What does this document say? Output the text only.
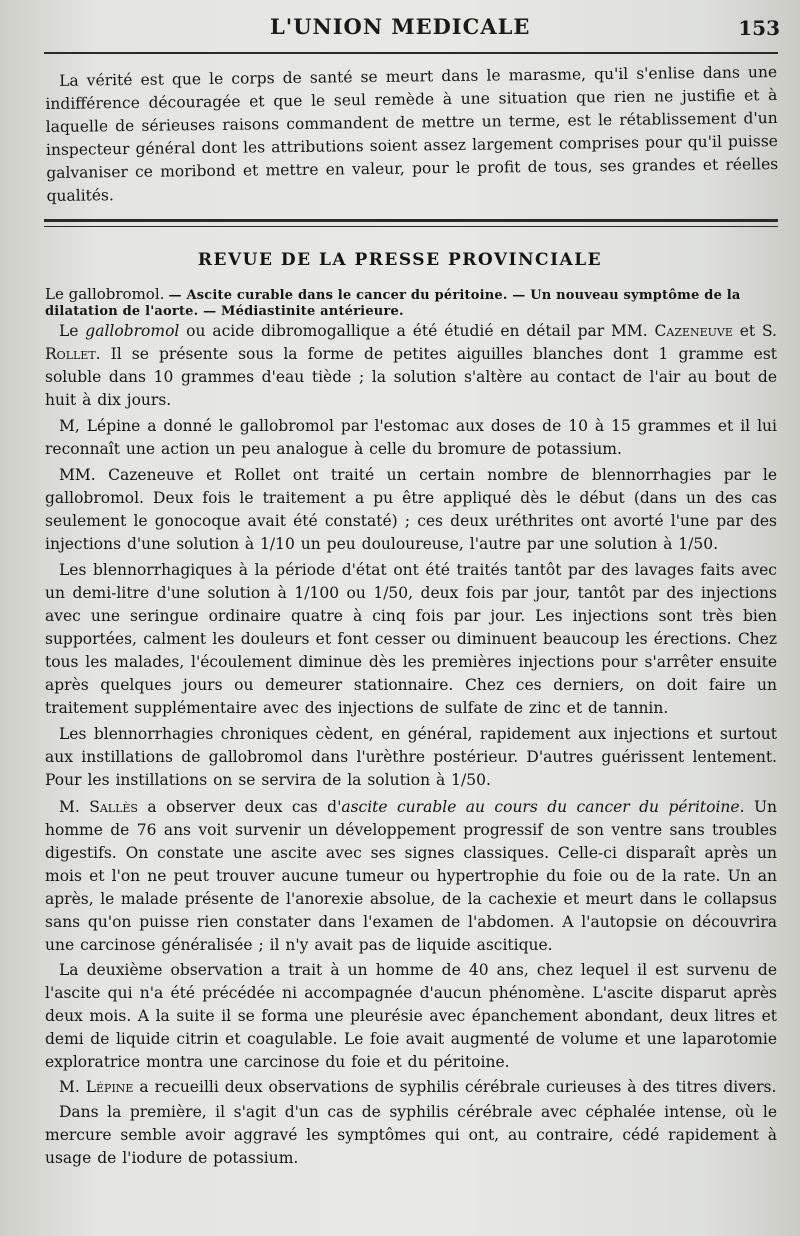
L'UNION MEDICALE	153

La vérité est que le corps de santé se meurt dans le marasme, qu'il s'enlise dans une indifférence découragée et que le seul remède à une situation que rien ne justifie et à laquelle de sérieuses raisons commandent de mettre un terme, est le rétablissement d'un inspecteur général dont les attributions soient assez largement comprises pour qu'il puisse galvaniser ce moribond et mettre en valeur, pour le profit de tous, ses grandes et réelles qualités.

REVUE DE LA PRESSE PROVINCIALE
Le gallobromol. — Ascite curable dans le cancer du péritoine. — Un nouveau symptôme de la dilatation de l'aorte. — Médiastinite antérieure.

Le gallobromol ou acide dibromogallique a été étudié en détail par MM. Cazeneuve et S. Rollet. Il se présente sous la forme de petites aiguilles blanches dont 1 gramme est soluble dans 10 grammes d'eau tiède ; la solution s'altère au contact de l'air au bout de huit à dix jours.

M, Lépine a donné le gallobromol par l'estomac aux doses de 10 à 15 grammes et il lui reconnaît une action un peu analogue à celle du bromure de potassium.

MM. Cazeneuve et Rollet ont traité un certain nombre de blennorrhagies par le gallobromol. Deux fois le traitement a pu être appliqué dès le début (dans un des cas seulement le gonocoque avait été constaté) ; ces deux uréthrites ont avorté l'une par des injections d'une solution à 1/10 un peu douloureuse, l'autre par une solution à 1/50.

Les blennorrhagiques à la période d'état ont été traités tantôt par des lavages faits avec un demi-litre d'une solution à 1/100 ou 1/50, deux fois par jour, tantôt par des injections avec une seringue ordinaire quatre à cinq fois par jour. Les injections sont très bien supportées, calment les douleurs et font cesser ou diminuent beaucoup les érections. Chez tous les malades, l'écoulement diminue dès les premières injections pour s'arrêter ensuite après quelques jours ou demeurer stationnaire. Chez ces derniers, on doit faire un traitement supplémentaire avec des injections de sulfate de zinc et de tannin.

Les blennorrhagies chroniques cèdent, en général, rapidement aux injections et surtout aux instillations de gallobromol dans l'urèthre postérieur. D'autres guérissent lentement. Pour les instillations on se servira de la solution à 1/50.

M. Sallès a observer deux cas d'ascite curable au cours du cancer du péritoine. Un homme de 76 ans voit survenir un développement progressif de son ventre sans troubles digestifs. On constate une ascite avec ses signes classiques. Celle-ci disparaît après un mois et l'on ne peut trouver aucune tumeur ou hypertrophie du foie ou de la rate. Un an après, le malade présente de l'anorexie absolue, de la cachexie et meurt dans le collapsus sans qu'on puisse rien constater dans l'examen de l'abdomen. A l'autopsie on découvrira une carcinose généralisée ; il n'y avait pas de liquide ascitique.

La deuxième observation a trait à un homme de 40 ans, chez lequel il est survenu de l'ascite qui n'a été précédée ni accompagnée d'aucun phénomène. L'ascite disparut après deux mois. A la suite il se forma une pleurésie avec épanchement abondant, deux litres et demi de liquide citrin et coagulable. Le foie avait augmenté de volume et une laparotomie exploratrice montra une carcinose du foie et du péritoine.

M. Lépine a recueilli deux observations de syphilis cérébrale curieuses à des titres divers.

Dans la première, il s'agit d'un cas de syphilis cérébrale avec céphalée intense, où le mercure semble avoir aggravé les symptômes qui ont, au contraire, cédé rapidement à usage de l'iodure de potassium.
